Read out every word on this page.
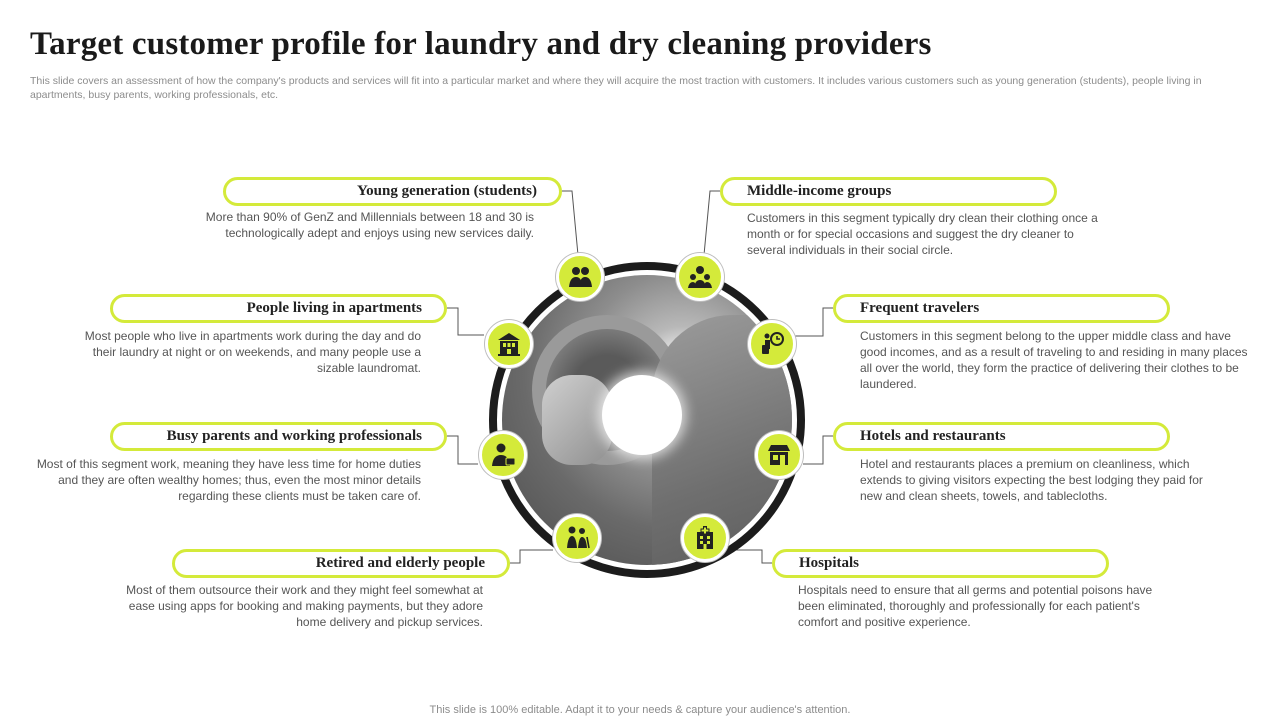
Target customer profile for laundry and dry cleaning providers
This slide covers an assessment of how the company's products and services will fit into a particular market and where they will acquire the most traction with customers. It includes various customers such as young generation (students), people living in apartments, busy parents, working professionals, etc.
Young generation (students)
More than 90% of GenZ and Millennials between 18 and 30 is technologically adept and enjoys using new services daily.
People living in apartments
Most people who live in apartments work during the day and do their laundry at night or on weekends, and many people use a sizable laundromat.
Busy parents and working professionals
Most of this segment work, meaning they have less time for home duties and they are often wealthy homes; thus, even the most minor details regarding these clients must be taken care of.
Retired and elderly people
Most of them outsource their work and they might feel somewhat at ease using apps for booking and making payments, but they adore home delivery and pickup services.
Middle-income groups
Customers in this segment typically dry clean their clothing once a month or for special occasions and suggest the dry cleaner to several individuals in their social circle.
Frequent travelers
Customers in this segment belong to the upper middle class and have good incomes, and as a result of traveling to and residing in many places all over the world, they form the practice of delivering their clothes to be laundered.
Hotels and restaurants
Hotel and restaurants places a premium on cleanliness, which extends to giving visitors expecting the best lodging they paid for new and clean sheets, towels, and tablecloths.
Hospitals
Hospitals need to ensure that all germs and potential poisons have been eliminated, thoroughly and professionally for each patient's comfort and positive experience.
This slide is 100% editable. Adapt it to your needs & capture your audience's attention.
